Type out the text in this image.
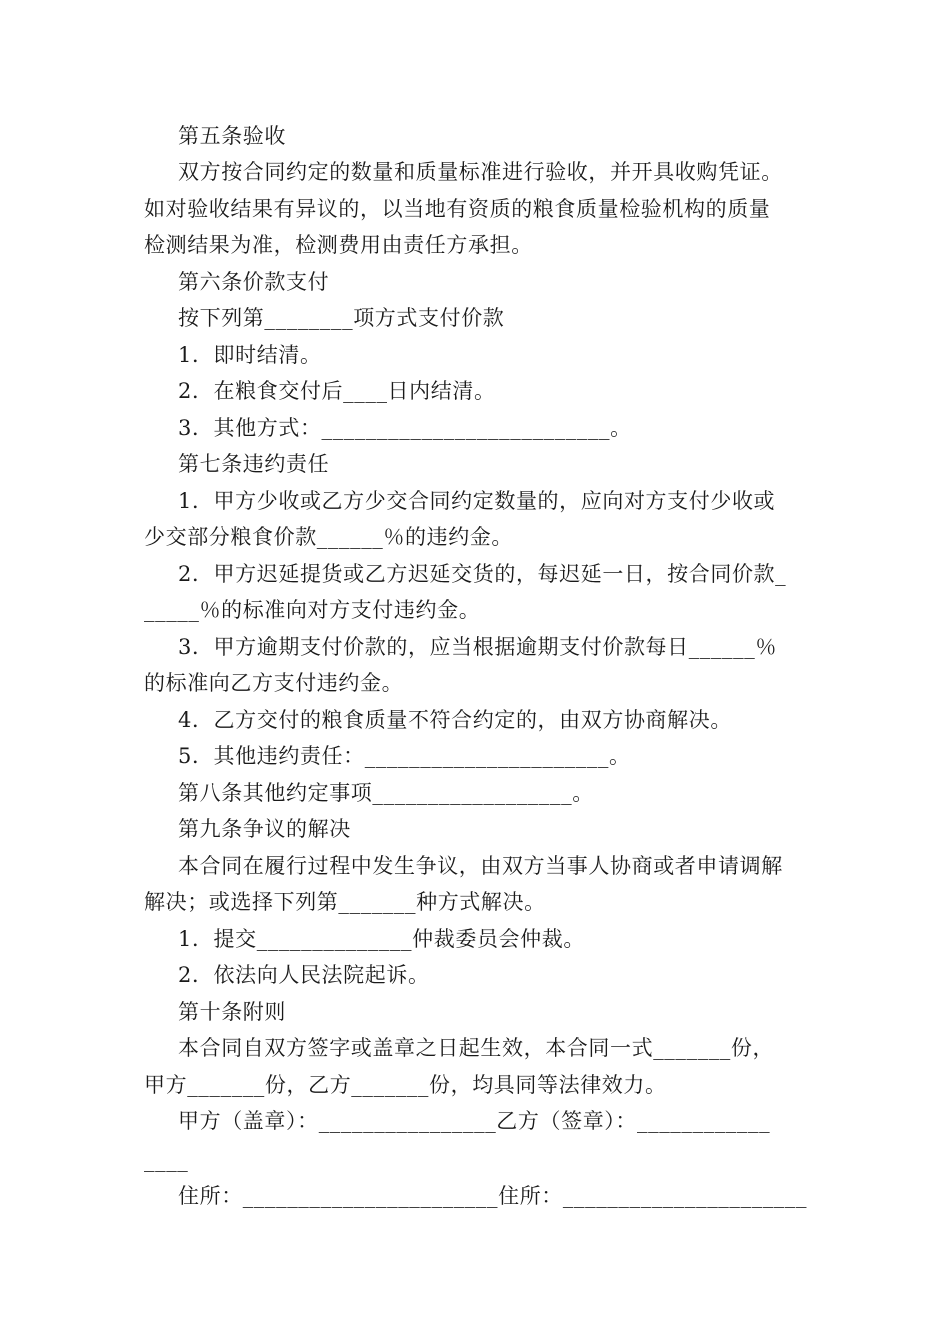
第五条验收
双方按合同约定的数量和质量标准进行验收，并开具收购凭证。
如对验收结果有异议的，以当地有资质的粮食质量检验机构的质量
检测结果为准，检测费用由责任方承担。
第六条价款支付
按下列第________项方式支付价款
1．即时结清。
2．在粮食交付后____日内结清。
3．其他方式：__________________________。
第七条违约责任
1．甲方少收或乙方少交合同约定数量的，应向对方支付少收或
少交部分粮食价款______％的违约金。
2．甲方迟延提货或乙方迟延交货的，每迟延一日，按合同价款_
_____％的标准向对方支付违约金。
3．甲方逾期支付价款的，应当根据逾期支付价款每日______％
的标准向乙方支付违约金。
4．乙方交付的粮食质量不符合约定的，由双方协商解决。
5．其他违约责任：______________________。
第八条其他约定事项__________________。
第九条争议的解决
本合同在履行过程中发生争议，由双方当事人协商或者申请调解
解决；或选择下列第_______种方式解决。
1．提交______________仲裁委员会仲裁。
2．依法向人民法院起诉。
第十条附则
本合同自双方签字或盖章之日起生效，本合同一式_______份，
甲方_______份，乙方_______份，均具同等法律效力。
甲方（盖章）：________________乙方（签章）：____________
____
住所：_______________________住所：______________________
